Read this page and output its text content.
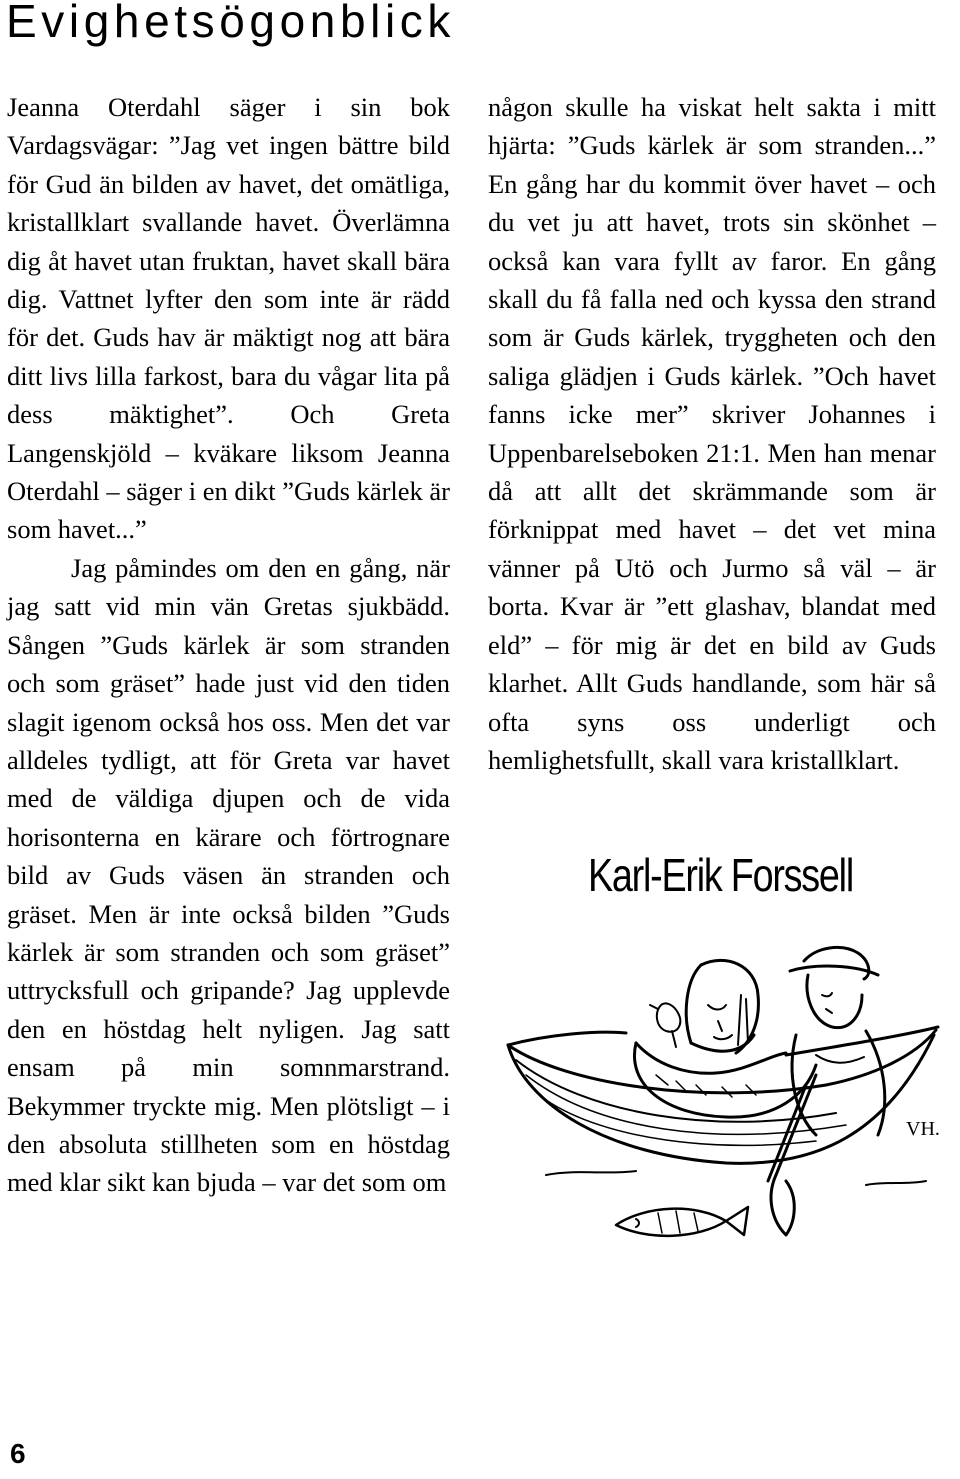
Evighetsögonblick

Jeanna Oterdahl säger i sin bok Vardagsvägar: ”Jag vet ingen bättre bild för Gud än bilden av havet, det omätliga, kristallklart svallande havet. Överlämna dig åt havet utan fruktan, havet skall bära dig. Vattnet lyfter den som inte är rädd för det. Guds hav är mäktigt nog att bära ditt livs lilla farkost, bara du vågar lita på dess mäktighet”. Och Greta Langenskjöld – kväkare liksom Jeanna Oterdahl – säger i en dikt ”Guds kärlek är som havet...”

Jag påmindes om den en gång, när jag satt vid min vän Gretas sjukbädd. Sången ”Guds kärlek är som stranden och som gräset” hade just vid den tiden slagit igenom också hos oss. Men det var alldeles tydligt, att för Greta var havet med de väldiga djupen och de vida horisonterna en kärare och förtrognare bild av Guds väsen än stranden och gräset. Men är inte också bilden ”Guds kärlek är som stranden och som gräset” uttrycksfull och gripande? Jag upplevde den en höstdag helt nyligen. Jag satt ensam på min somnmarstrand. Bekymmer tryckte mig. Men plötsligt – i den absoluta stillheten som en höstdag med klar sikt kan bjuda – var det som om

någon skulle ha viskat helt sakta i mitt hjärta: ”Guds kärlek är som stranden...” En gång har du kommit över havet – och du vet ju att havet, trots sin skönhet – också kan vara fyllt av faror. En gång skall du få falla ned och kyssa den strand som är Guds kärlek, tryggheten och den saliga glädjen i Guds kärlek. ”Och havet fanns icke mer” skriver Johannes i Uppenbarelseboken 21:1. Men han menar då att allt det skrämmande som är förknippat med havet – det vet mina vänner på Utö och Jurmo så väl – är borta. Kvar är ”ett glashav, blandat med eld” – för mig är det en bild av Guds klarhet. Allt Guds handlande, som här så ofta syns oss underligt och hemlighetsfullt, skall vara kristallklart.

Karl-Erik Forssell
VH.
6
